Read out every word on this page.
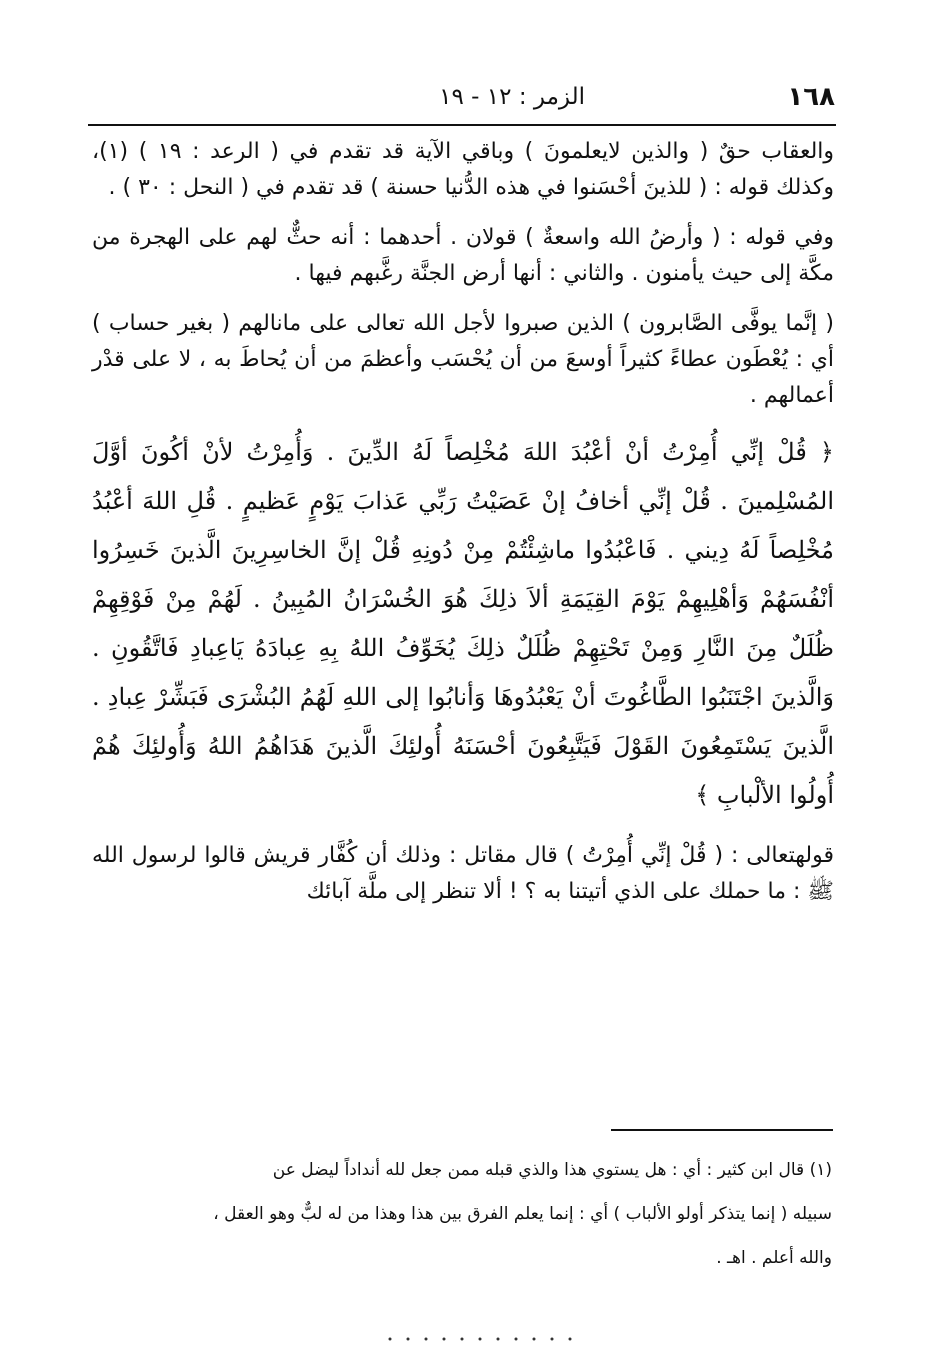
١٦٨
الزمر : ١٢ - ١٩

والعقاب حقٌ ( والذين لايعلمونَ ) وباقي الآية قد تقدم في ( الرعد : ١٩ ) (١)، وكذلك قوله : ( للذينَ أحْسَنوا في هذه الدُّنيا حسنة ) قد تقدم في ( النحل : ٣٠ ) .

وفي قوله : ( وأرضُ الله واسعةٌ ) قولان . أحدهما : أنه حثٌّ لهم على الهجرة من مكَّة إلى حيث يأمنون . والثاني : أنها أرض الجنَّة رغَّبهم فيها .

( إنَّما يوفَّى الصَّابرون ) الذين صبروا لأجل الله تعالى على مانالهم ( بغير حساب ) أي : يُعْطَون عطاءً كثيراً أوسعَ من أن يُحْسَب وأعظمَ من أن يُحاطَ به ، لا على قدْر أعمالهم .

﴿ قُلْ إنِّي أُمِرْتُ أنْ أعْبُدَ اللهَ مُخْلِصاً لَهُ الدِّينَ . وَأُمِرْتُ لأنْ أكُونَ أوَّلَ المُسْلِمينَ . قُلْ إنِّي أخافُ إنْ عَصَيْتُ رَبِّي عَذابَ يَوْمٍ عَظيمٍ . قُلِ اللهَ أعْبُدُ مُخْلِصاً لَهُ دِيني . فَاعْبُدُوا ماشِئْتُمْ مِنْ دُونِهِ قُلْ إنَّ الخاسِرِينَ الَّذينَ خَسِرُوا أنْفُسَهُمْ وَأهْلِيهِمْ يَوْمَ القِيَمَةِ ألاَ ذلِكَ هُوَ الخُسْرَانُ المُبِينُ . لَهُمْ مِنْ فَوْقِهِمْ ظُلَلٌ مِنَ النَّارِ وَمِنْ تَحْتِهِمْ ظُلَلٌ ذلِكَ يُخَوِّفُ اللهُ بِهِ عِبادَهُ يَاعِبادِ فَاتَّقُونِ . وَالَّذينَ اجْتَنَبُوا الطَّاغُوتَ أنْ يَعْبُدُوهَا وَأنابُوا إلى اللهِ لَهُمُ البُشْرَى فَبَشِّرْ عِبادِ . الَّذينَ يَسْتَمِعُونَ القَوْلَ فَيَتَّبِعُونَ أحْسَنَهُ أُولئِكَ الَّذينَ هَدَاهُمُ اللهُ وَأُولئِكَ هُمْ أُولُوا الألْبابِ ﴾

قولهتعالى : ( قُلْ إنِّي أُمِرْتُ ) قال مقاتل : وذلك أن كُفَّار قريش قالوا لرسول الله ﷺ : ما حملك على الذي أتيتنا به ؟ ! ألا تنظر إلى ملَّة آبائك

(١) قال ابن كثير : أي : هل يستوي هذا والذي قبله ممن جعل لله أنداداً ليضل عن

سبيله ( إنما يتذكر أولو الألباب ) أي : إنما يعلم الفرق بين هذا وهذا من له لبٌّ وهو العقل ،

والله أعلم . اهـ .
